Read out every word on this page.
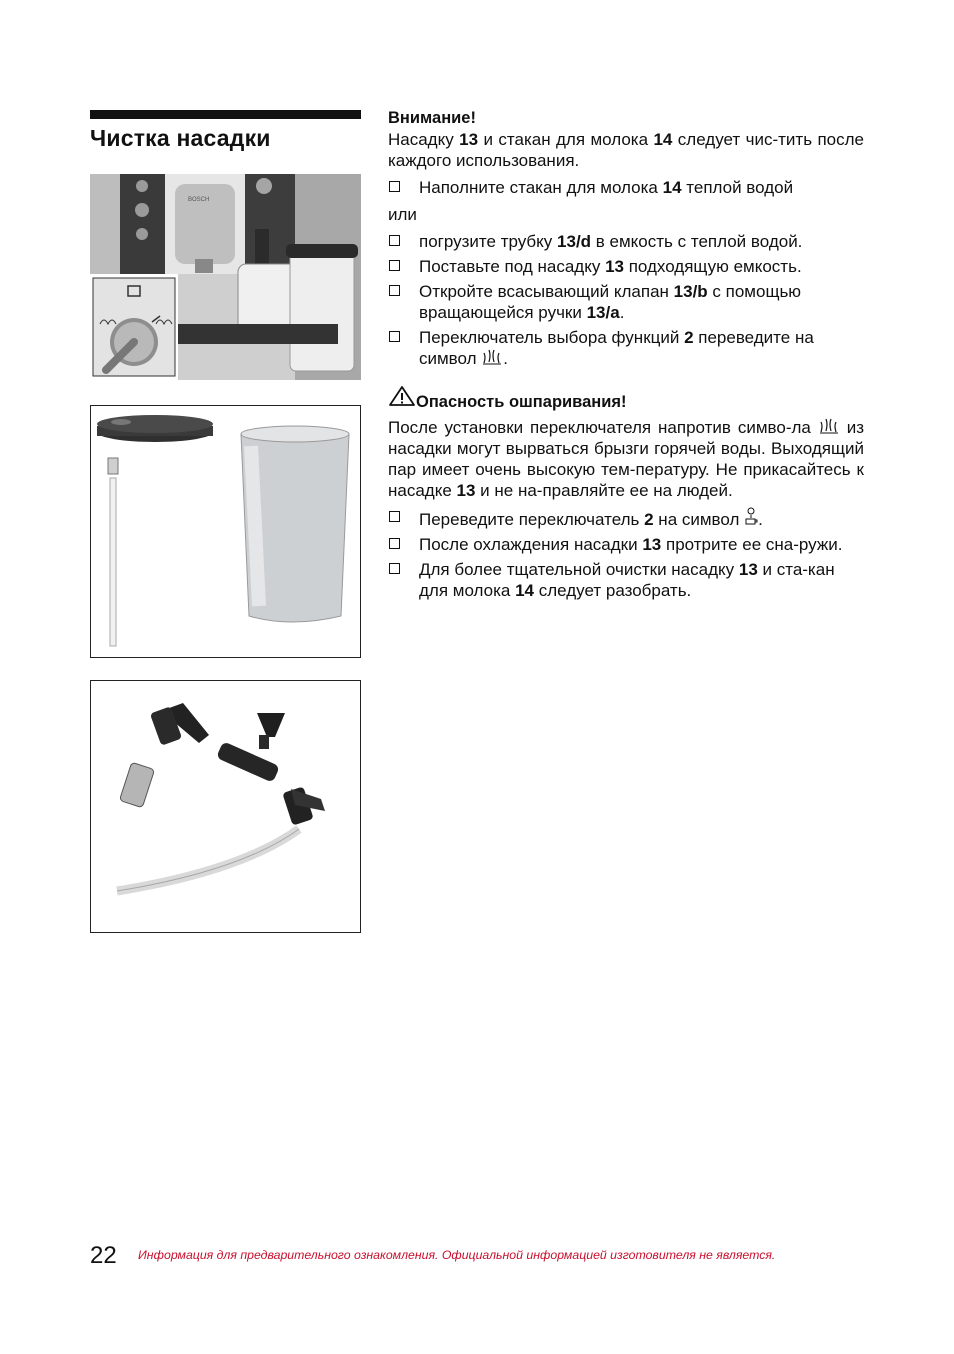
Чистка насадки
BOSCH

Внимание!

Насадку 13 и стакан для молока 14 следует чис-тить после каждого использования.

Наполните стакан для молока 14 теплой водой

или

погрузите трубку 13/d в емкость с теплой водой.

Поставьте под насадку 13 подходящую емкость.

Откройте всасывающий клапан 13/b с помощью вращающейся ручки 13/a.

Переключатель выбора функций 2 переведите на символ .

Опасность ошпаривания!

После установки переключателя напротив симво-ла  из насадки могут вырваться брызги горячей воды. Выходящий пар имеет очень высокую тем-пературу. Не прикасайтесь к насадке 13 и не на-правляйте ее на людей.

Переведите переключатель 2 на символ .

После охлаждения насадки 13 протрите ее сна-ружи.

Для более тщательной очистки насадку 13 и ста-кан для молока 14 следует разобрать.

22 Информация для предварительного ознакомления. Официальной информацией изготовителя не является.
